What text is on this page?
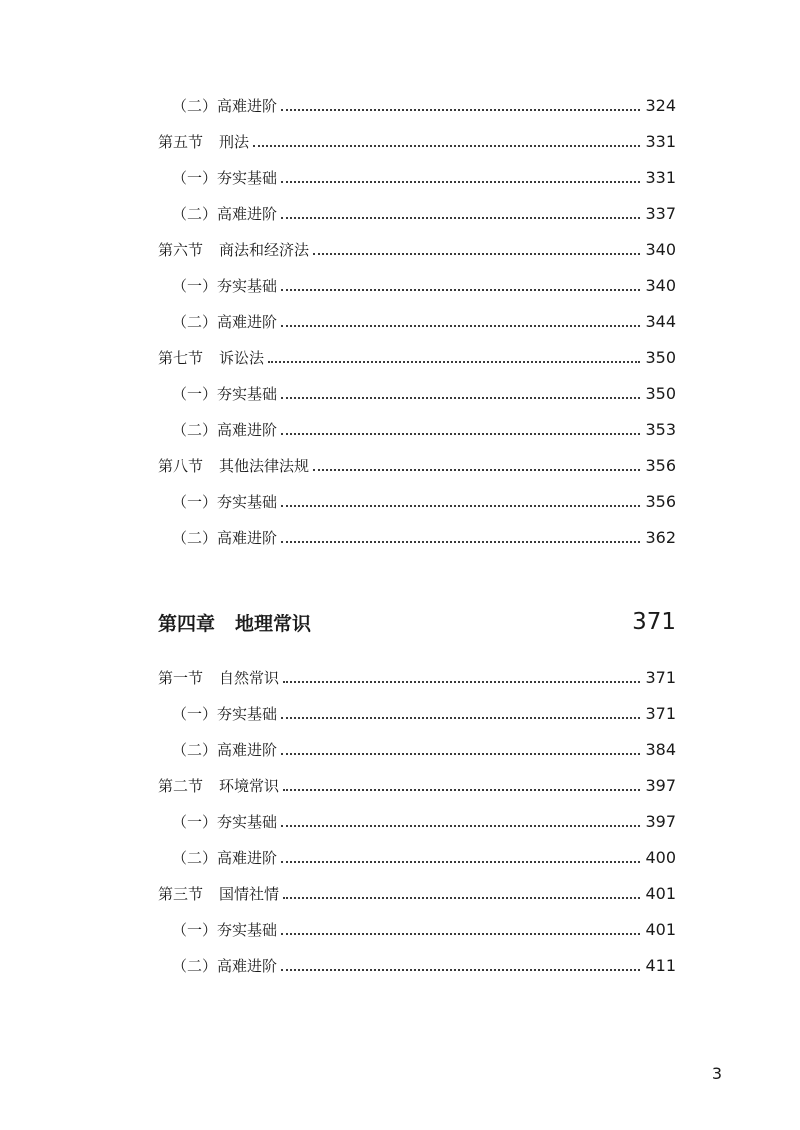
（二）高难进阶	324
第五节 刑法	331
（一）夯实基础	331
（二）高难进阶	337
第六节 商法和经济法	340
（一）夯实基础	340
（二）高难进阶	344
第七节 诉讼法	350
（一）夯实基础	350
（二）高难进阶	353
第八节 其他法律法规	356
（一）夯实基础	356
（二）高难进阶	362
第四章 地理常识	371
第一节 自然常识	371
（一）夯实基础	371
（二）高难进阶	384
第二节 环境常识	397
（一）夯实基础	397
（二）高难进阶	400
第三节 国情社情	401
（一）夯实基础	401
（二）高难进阶	411
3
